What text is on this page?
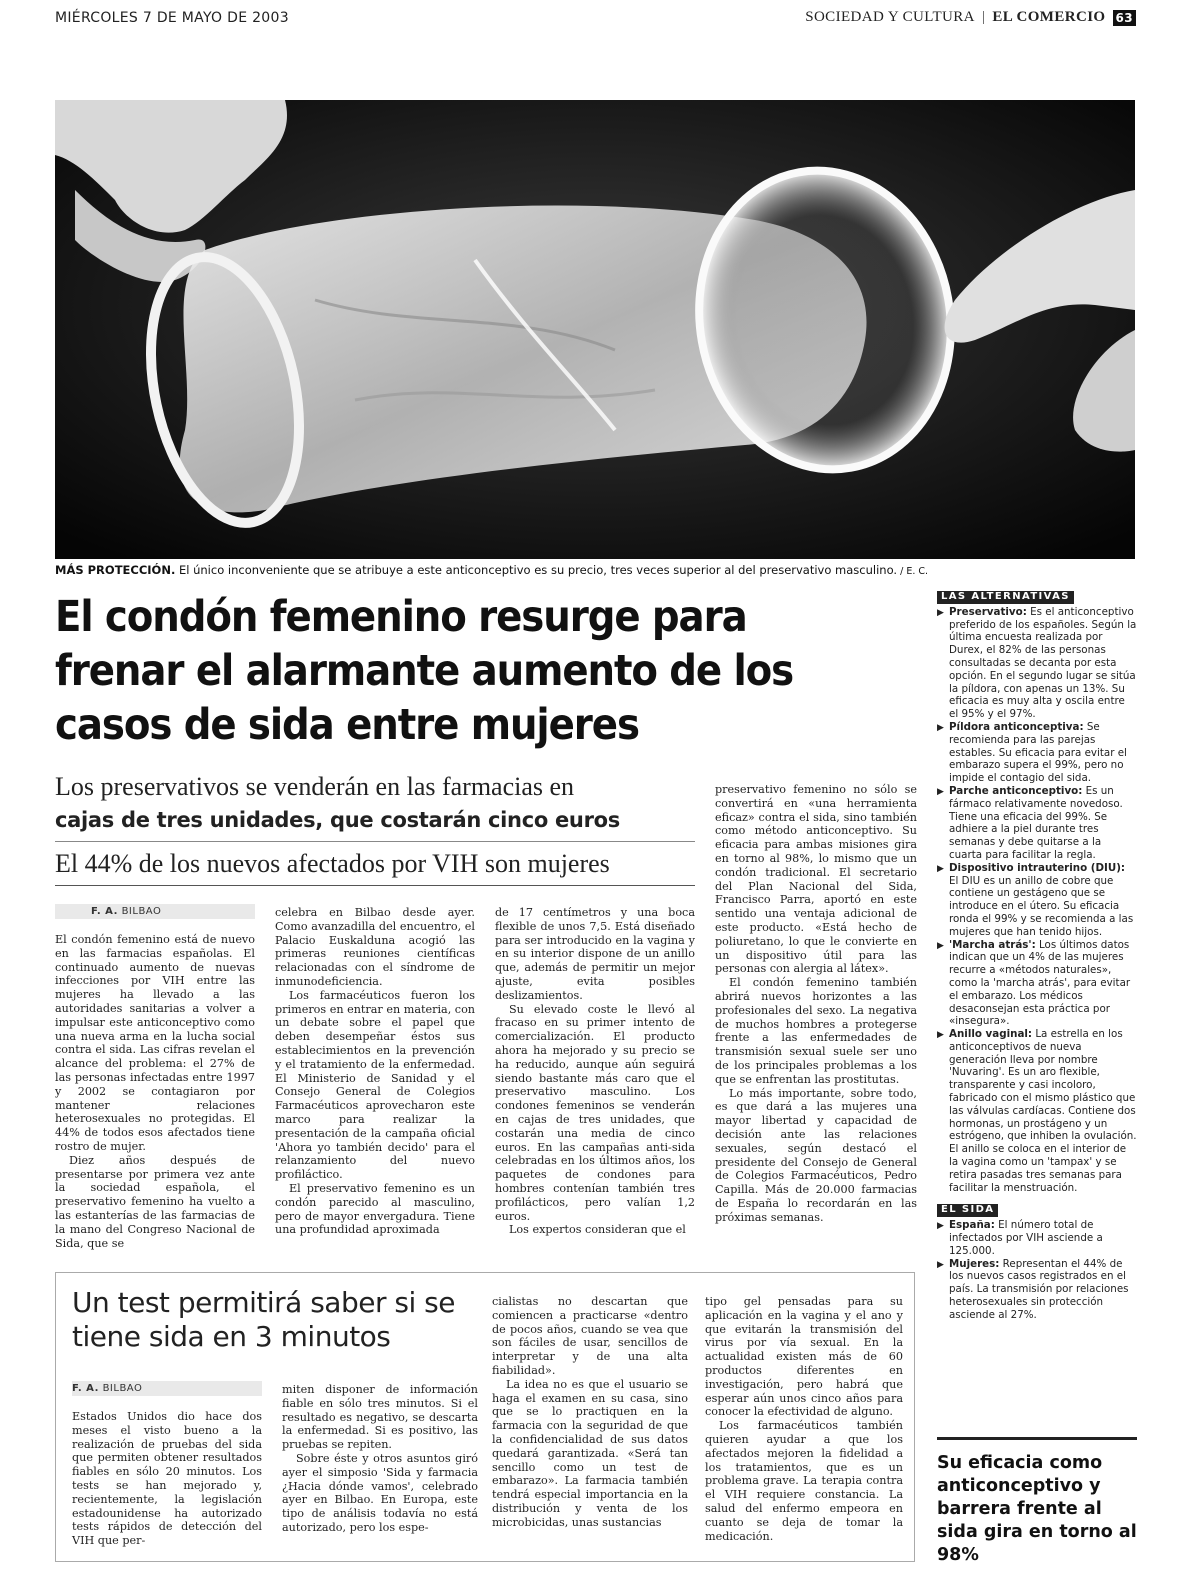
MIÉRCOLES 7 DE MAYO DE 2003	SOCIEDAD Y CULTURA | EL COMERCIO 63
MÁS PROTECCIÓN. El único inconveniente que se atribuye a este anticonceptivo es su precio, tres veces superior al del preservativo masculino. / E. C.
El condón femenino resurge para frenar el alarmante aumento de los casos de sida entre mujeres
Los preservativos se venderán en las farmacias en
cajas de tres unidades, que costarán cinco euros
El 44% de los nuevos afectados por VIH son mujeres
F. A. BILBAO

El condón femenino está de nuevo en las farmacias españolas. El continuado aumento de nuevas infecciones por VIH entre las mujeres ha llevado a las autoridades sanitarias a volver a impulsar este anticonceptivo como una nueva arma en la lucha social contra el sida. Las cifras revelan el alcance del problema: el 27% de las personas infectadas entre 1997 y 2002 se contagiaron por mantener relaciones heterosexuales no protegidas. El 44% de todos esos afectados tiene rostro de mujer.

Diez años después de presentarse por primera vez ante la sociedad española, el preservativo femenino ha vuelto a las estanterías de las farmacias de la mano del Congreso Nacional de Sida, que se

celebra en Bilbao desde ayer. Como avanzadilla del encuentro, el Palacio Euskalduna acogió las primeras reuniones científicas relacionadas con el síndrome de inmunodeficiencia.

Los farmacéuticos fueron los primeros en entrar en materia, con un debate sobre el papel que deben desempeñar éstos sus establecimientos en la prevención y el tratamiento de la enfermedad. El Ministerio de Sanidad y el Consejo General de Colegios Farmacéuticos aprovecharon este marco para realizar la presentación de la campaña oficial 'Ahora yo también decido' para el relanzamiento del nuevo profiláctico.

El preservativo femenino es un condón parecido al masculino, pero de mayor envergadura. Tiene una profundidad aproximada

de 17 centímetros y una boca flexible de unos 7,5. Está diseñado para ser introducido en la vagina y en su interior dispone de un anillo que, además de permitir un mejor ajuste, evita posibles deslizamientos.

Su elevado coste le llevó al fracaso en su primer intento de comercialización. El producto ahora ha mejorado y su precio se ha reducido, aunque aún seguirá siendo bastante más caro que el preservativo masculino. Los condones femeninos se venderán en cajas de tres unidades, que costarán una media de cinco euros. En las campañas anti-sida celebradas en los últimos años, los paquetes de condones para hombres contenían también tres profilácticos, pero valían 1,2 euros.

Los expertos consideran que el

preservativo femenino no sólo se convertirá en «una herramienta eficaz» contra el sida, sino también como método anticonceptivo. Su eficacia para ambas misiones gira en torno al 98%, lo mismo que un condón tradicional. El secretario del Plan Nacional del Sida, Francisco Parra, aportó en este sentido una ventaja adicional de este producto. «Está hecho de poliuretano, lo que le convierte en un dispositivo útil para las personas con alergia al látex».

El condón femenino también abrirá nuevos horizontes a las profesionales del sexo. La negativa de muchos hombres a protegerse frente a las enfermedades de transmisión sexual suele ser uno de los principales problemas a los que se enfrentan las prostitutas.

Lo más importante, sobre todo, es que dará a las mujeres una mayor libertad y capacidad de decisión ante las relaciones sexuales, según destacó el presidente del Consejo de General de Colegios Farmacéuticos, Pedro Capilla. Más de 20.000 farmacias de España lo recordarán en las próximas semanas.

LAS ALTERNATIVAS
▶ Preservativo: Es el anticonceptivo preferido de los españoles. Según la última encuesta realizada por Durex, el 82% de las personas consultadas se decanta por esta opción. En el segundo lugar se sitúa la píldora, con apenas un 13%. Su eficacia es muy alta y oscila entre el 95% y el 97%.
▶ Píldora anticonceptiva: Se recomienda para las parejas estables. Su eficacia para evitar el embarazo supera el 99%, pero no impide el contagio del sida.
▶ Parche anticonceptivo: Es un fármaco relativamente novedoso. Tiene una eficacia del 99%. Se adhiere a la piel durante tres semanas y debe quitarse a la cuarta para facilitar la regla.
▶ Dispositivo intrauterino (DIU): El DIU es un anillo de cobre que contiene un gestágeno que se introduce en el útero. Su eficacia ronda el 99% y se recomienda a las mujeres que han tenido hijos.
▶ 'Marcha atrás': Los últimos datos indican que un 4% de las mujeres recurre a «métodos naturales», como la 'marcha atrás', para evitar el embarazo. Los médicos desaconsejan esta práctica por «insegura».
▶ Anillo vaginal: La estrella en los anticonceptivos de nueva generación lleva por nombre 'Nuvaring'. Es un aro flexible, transparente y casi incoloro, fabricado con el mismo plástico que las válvulas cardíacas. Contiene dos hormonas, un prostágeno y un estrógeno, que inhiben la ovulación. El anillo se coloca en el interior de la vagina como un 'tampax' y se retira pasadas tres semanas para facilitar la menstruación.
EL SIDA
▶ España: El número total de infectados por VIH asciende a 125.000.
▶ Mujeres: Representan el 44% de los nuevos casos registrados en el país. La transmisión por relaciones heterosexuales sin protección asciende al 27%.
Su eficacia como anticonceptivo y barrera frente al sida gira en torno al 98%
Un test permitirá saber si se tiene sida en 3 minutos
F. A. BILBAO

Estados Unidos dio hace dos meses el visto bueno a la realización de pruebas del sida que permiten obtener resultados fiables en sólo 20 minutos. Los tests se han mejorado y, recientemente, la legislación estadounidense ha autorizado tests rápidos de detección del VIH que per-

miten disponer de información fiable en sólo tres minutos. Si el resultado es negativo, se descarta la enfermedad. Si es positivo, las pruebas se repiten.

Sobre éste y otros asuntos giró ayer el simposio 'Sida y farmacia ¿Hacia dónde vamos', celebrado ayer en Bilbao. En Europa, este tipo de análisis todavía no está autorizado, pero los espe-

cialistas no descartan que comiencen a practicarse «dentro de pocos años, cuando se vea que son fáciles de usar, sencillos de interpretar y de una alta fiabilidad».

La idea no es que el usuario se haga el examen en su casa, sino que se lo practiquen en la farmacia con la seguridad de que la confidencialidad de sus datos quedará garantizada. «Será tan sencillo como un test de embarazo». La farmacia también tendrá especial importancia en la distribución y venta de los microbicidas, unas sustancias

tipo gel pensadas para su aplicación en la vagina y el ano y que evitarán la transmisión del virus por vía sexual. En la actualidad existen más de 60 productos diferentes en investigación, pero habrá que esperar aún unos cinco años para conocer la efectividad de alguno.

Los farmacéuticos también quieren ayudar a que los afectados mejoren la fidelidad a los tratamientos, que es un problema grave. La terapia contra el VIH requiere constancia. La salud del enfermo empeora en cuanto se deja de tomar la medicación.
